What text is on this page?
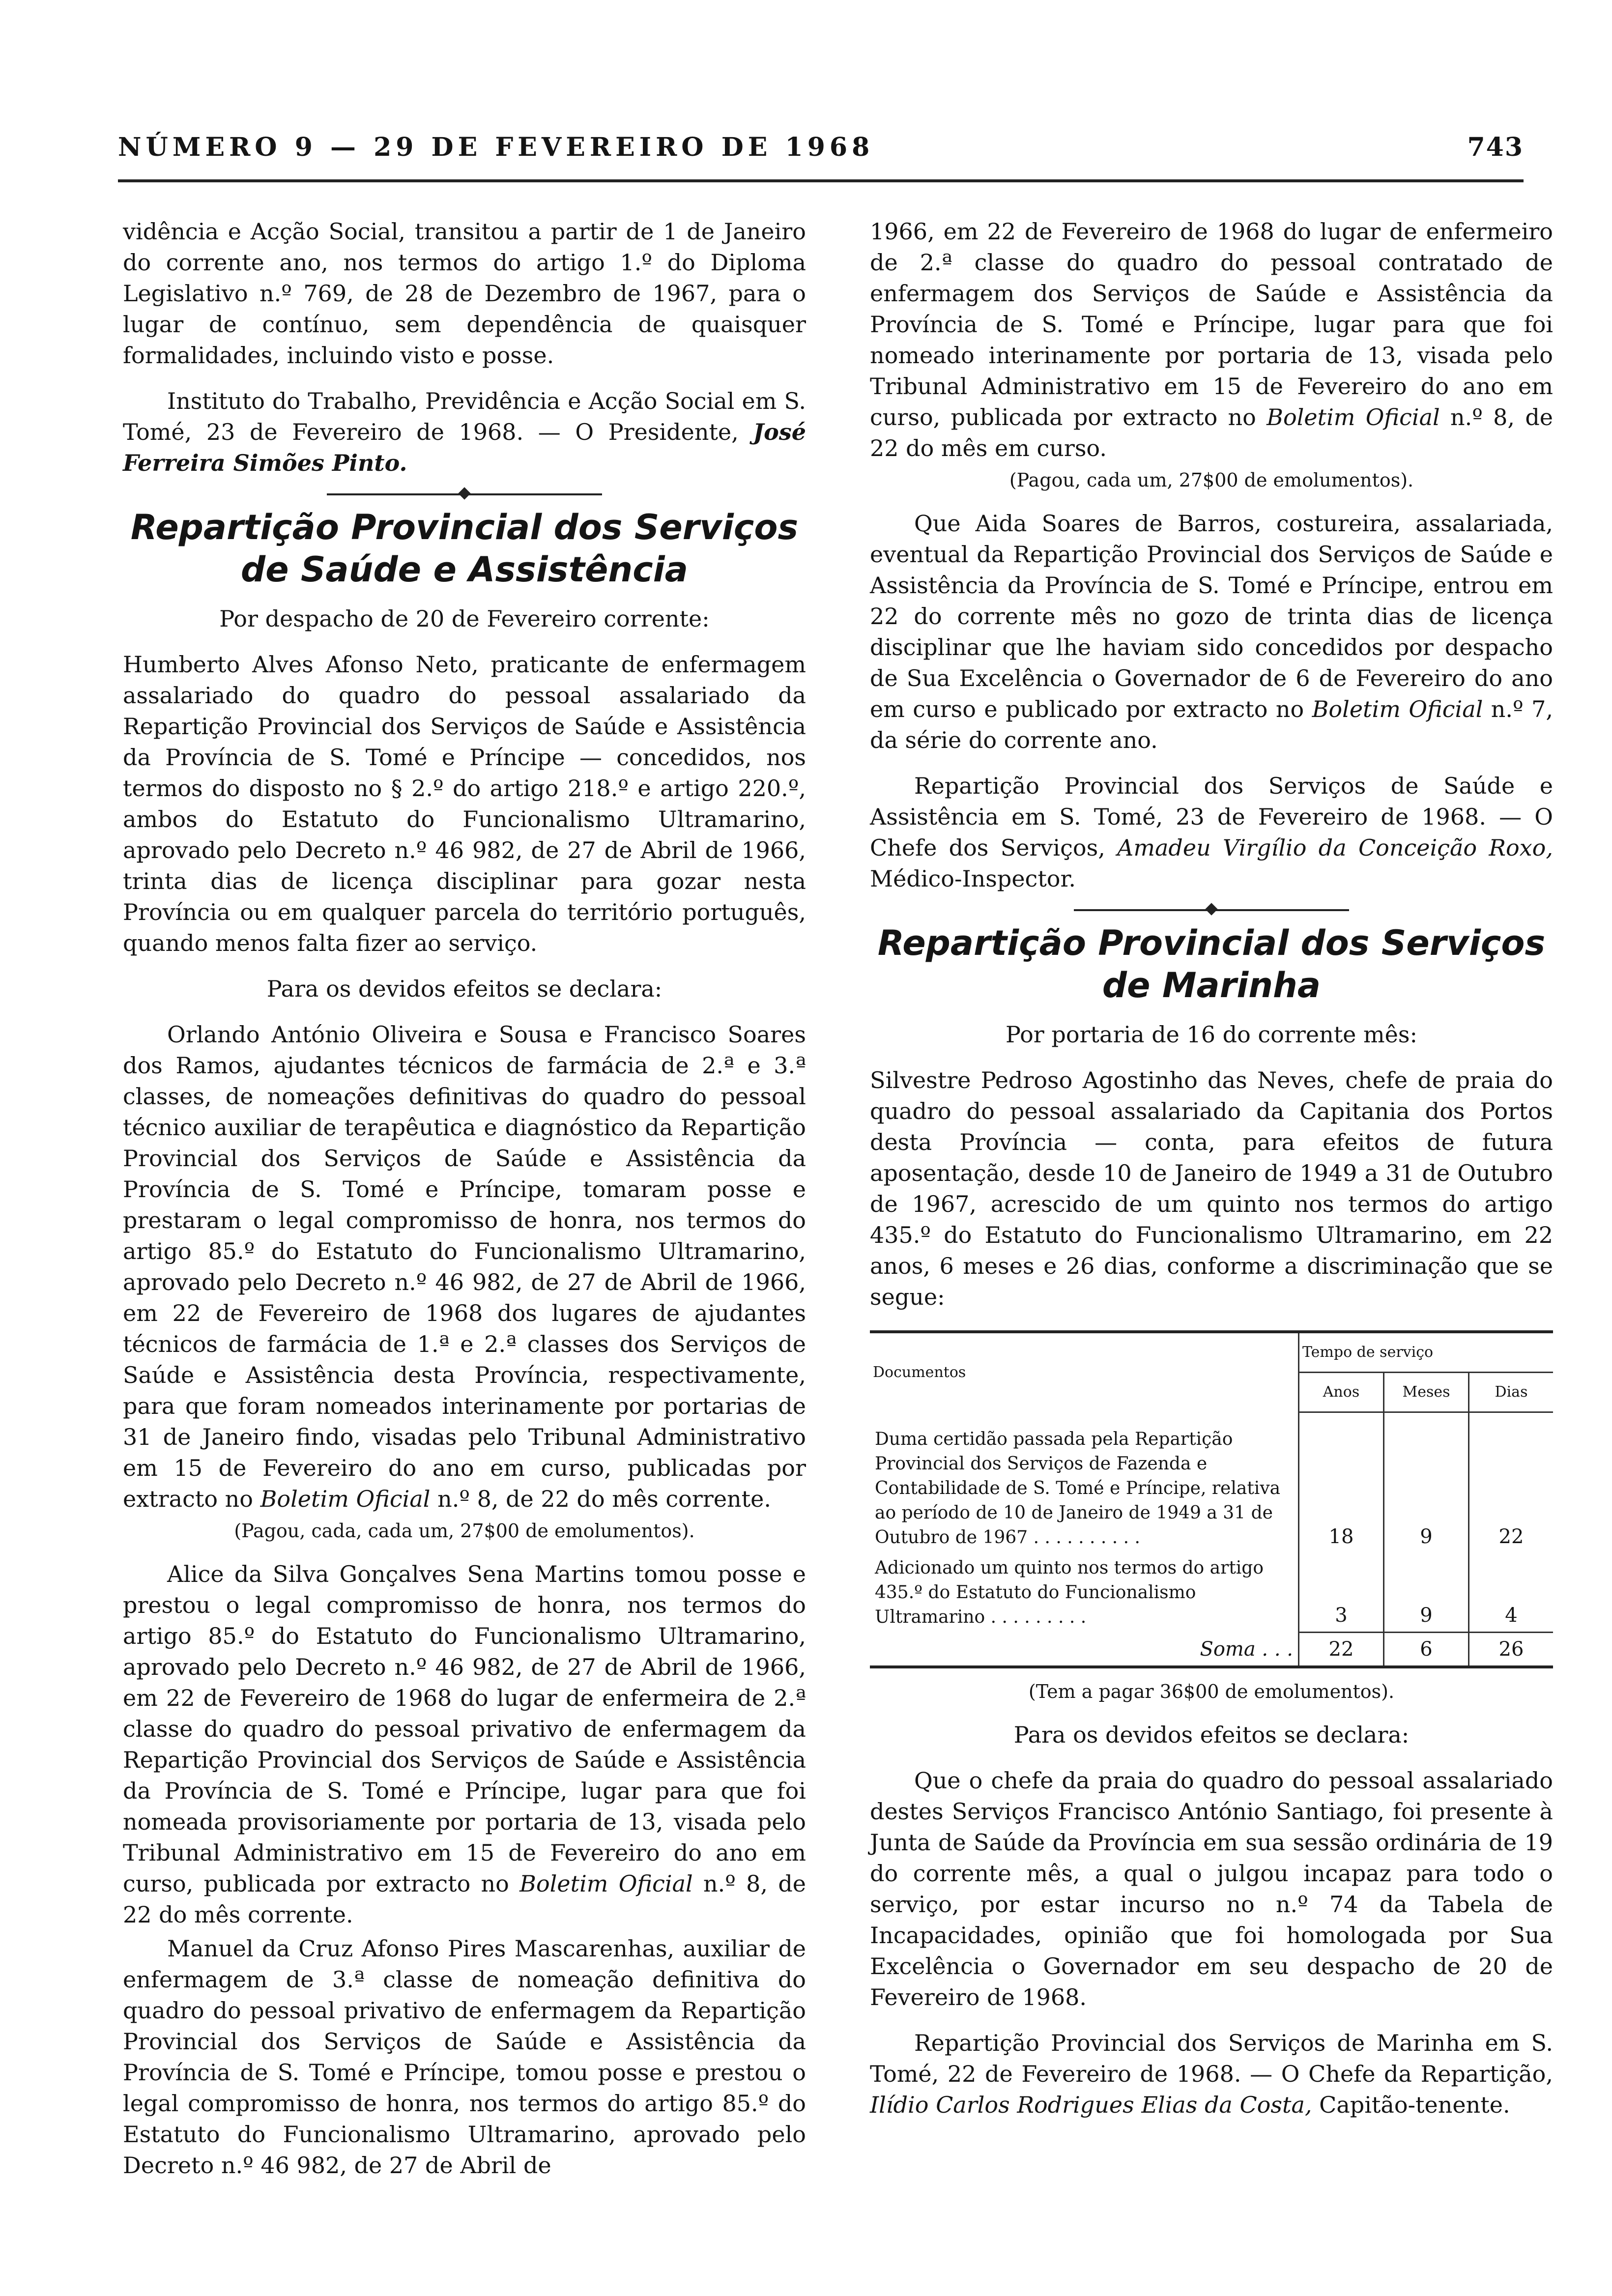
NÚMERO 9 — 29 DE FEVEREIRO DE 1968	743

vidência e Acção Social, transitou a partir de 1 de Janeiro do corrente ano, nos termos do artigo 1.º do Diploma Legislativo n.º 769, de 28 de Dezembro de 1967, para o lugar de contínuo, sem dependência de quaisquer formalidades, incluindo visto e posse.

Instituto do Trabalho, Previdência e Acção Social em S. Tomé, 23 de Fevereiro de 1968. — O Presidente, José Ferreira Simões Pinto.

Repartição Provincial dos Serviços
de Saúde e Assistência

Por despacho de 20 de Fevereiro corrente:

Humberto Alves Afonso Neto, praticante de enfermagem assalariado do quadro do pessoal assalariado da Repartição Provincial dos Serviços de Saúde e Assistência da Província de S. Tomé e Príncipe — concedidos, nos termos do disposto no § 2.º do artigo 218.º e artigo 220.º, ambos do Estatuto do Funcionalismo Ultramarino, aprovado pelo Decreto n.º 46 982, de 27 de Abril de 1966, trinta dias de licença disciplinar para gozar nesta Província ou em qualquer parcela do território português, quando menos falta fizer ao serviço.

Para os devidos efeitos se declara:

Orlando António Oliveira e Sousa e Francisco Soares dos Ramos, ajudantes técnicos de farmácia de 2.ª e 3.ª classes, de nomeações definitivas do quadro do pessoal técnico auxiliar de terapêutica e diagnóstico da Repartição Provincial dos Serviços de Saúde e Assistência da Província de S. Tomé e Príncipe, tomaram posse e prestaram o legal compromisso de honra, nos termos do artigo 85.º do Estatuto do Funcionalismo Ultramarino, aprovado pelo Decreto n.º 46 982, de 27 de Abril de 1966, em 22 de Fevereiro de 1968 dos lugares de ajudantes técnicos de farmácia de 1.ª e 2.ª classes dos Serviços de Saúde e Assistência desta Província, respectivamente, para que foram nomeados interinamente por portarias de 31 de Janeiro findo, visadas pelo Tribunal Administrativo em 15 de Fevereiro do ano em curso, publicadas por extracto no Boletim Oficial n.º 8, de 22 do mês corrente.

(Pagou, cada, cada um, 27$00 de emolumentos).

Alice da Silva Gonçalves Sena Martins tomou posse e prestou o legal compromisso de honra, nos termos do artigo 85.º do Estatuto do Funcionalismo Ultramarino, aprovado pelo Decreto n.º 46 982, de 27 de Abril de 1966, em 22 de Fevereiro de 1968 do lugar de enfermeira de 2.ª classe do quadro do pessoal privativo de enfermagem da Repartição Provincial dos Serviços de Saúde e Assistência da Província de S. Tomé e Príncipe, lugar para que foi nomeada provisoriamente por portaria de 13, visada pelo Tribunal Administrativo em 15 de Fevereiro do ano em curso, publicada por extracto no Boletim Oficial n.º 8, de 22 do mês corrente.

Manuel da Cruz Afonso Pires Mascarenhas, auxiliar de enfermagem de 3.ª classe de nomeação definitiva do quadro do pessoal privativo de enfermagem da Repartição Provincial dos Serviços de Saúde e Assistência da Província de S. Tomé e Príncipe, tomou posse e prestou o legal compromisso de honra, nos termos do artigo 85.º do Estatuto do Funcionalismo Ultramarino, aprovado pelo Decreto n.º 46 982, de 27 de Abril de

1966, em 22 de Fevereiro de 1968 do lugar de enfermeiro de 2.ª classe do quadro do pessoal contratado de enfermagem dos Serviços de Saúde e Assistência da Província de S. Tomé e Príncipe, lugar para que foi nomeado interinamente por portaria de 13, visada pelo Tribunal Administrativo em 15 de Fevereiro do ano em curso, publicada por extracto no Boletim Oficial n.º 8, de 22 do mês em curso.

(Pagou, cada um, 27$00 de emolumentos).

Que Aida Soares de Barros, costureira, assalariada, eventual da Repartição Provincial dos Serviços de Saúde e Assistência da Província de S. Tomé e Príncipe, entrou em 22 do corrente mês no gozo de trinta dias de licença disciplinar que lhe haviam sido concedidos por despacho de Sua Excelência o Governador de 6 de Fevereiro do ano em curso e publicado por extracto no Boletim Oficial n.º 7, da série do corrente ano.

Repartição Provincial dos Serviços de Saúde e Assistência em S. Tomé, 23 de Fevereiro de 1968. — O Chefe dos Serviços, Amadeu Virgílio da Conceição Roxo, Médico-Inspector.

Repartição Provincial dos Serviços
de Marinha

Por portaria de 16 do corrente mês:

Silvestre Pedroso Agostinho das Neves, chefe de praia do quadro do pessoal assalariado da Capitania dos Portos desta Província — conta, para efeitos de futura aposentação, desde 10 de Janeiro de 1949 a 31 de Outubro de 1967, acrescido de um quinto nos termos do artigo 435.º do Estatuto do Funcionalismo Ultramarino, em 22 anos, 6 meses e 26 dias, conforme a discriminação que se segue:

Documentos	Tempo de serviço		
	Anos	Meses	Dias

Duma certidão passada pela Repartição Provincial dos Serviços de Fazenda e Contabilidade de S. Tomé e Príncipe, relativa ao período de 10 de Janeiro de 1949 a 31 de Outubro de 1967 . . . . . . . . . .	18	9	22
Adicionado um quinto nos termos do artigo 435.º do Estatuto do Funcionalismo Ultramarino . . . . . . . . .	3	9	4
Soma . . .	22	6	26

(Tem a pagar 36$00 de emolumentos).

Para os devidos efeitos se declara:

Que o chefe da praia do quadro do pessoal assalariado destes Serviços Francisco António Santiago, foi presente à Junta de Saúde da Província em sua sessão ordinária de 19 do corrente mês, a qual o julgou incapaz para todo o serviço, por estar incurso no n.º 74 da Tabela de Incapacidades, opinião que foi homologada por Sua Excelência o Governador em seu despacho de 20 de Fevereiro de 1968.

Repartição Provincial dos Serviços de Marinha em S. Tomé, 22 de Fevereiro de 1968. — O Chefe da Repartição, Ilídio Carlos Rodrigues Elias da Costa, Capitão-tenente.
